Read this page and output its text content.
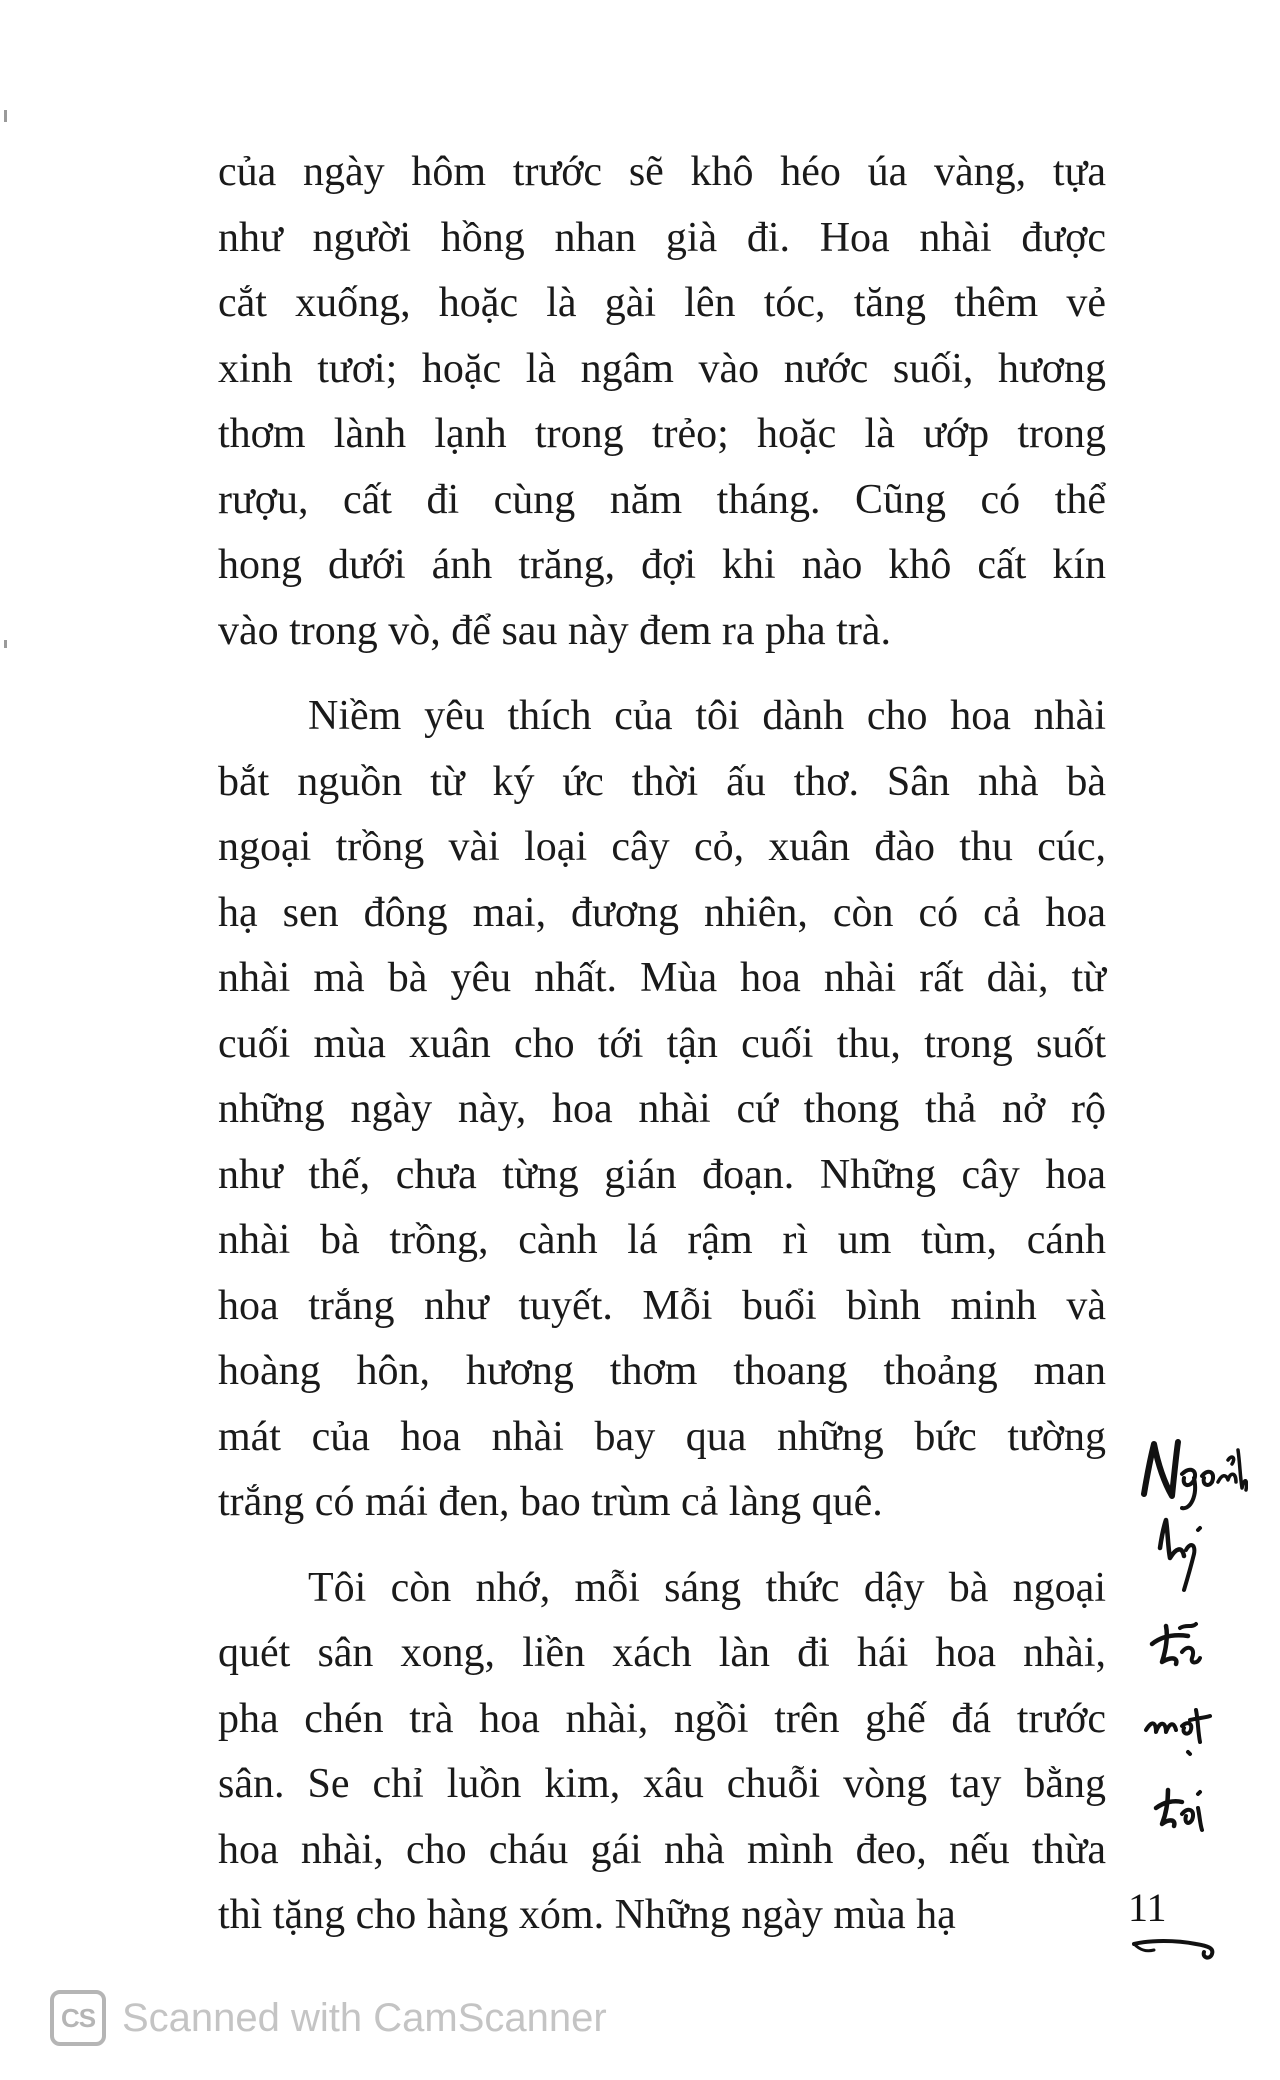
của ngày hôm trước sẽ khô héo úa vàng, tựa

như người hồng nhan già đi. Hoa nhài được

cắt xuống, hoặc là gài lên tóc, tăng thêm vẻ

xinh tươi; hoặc là ngâm vào nước suối, hương

thơm lành lạnh trong trẻo; hoặc là ướp trong

rượu, cất đi cùng năm tháng. Cũng có thể

hong dưới ánh trăng, đợi khi nào khô cất kín

vào trong vò, để sau này đem ra pha trà.

Niềm yêu thích của tôi dành cho hoa nhài

bắt nguồn từ ký ức thời ấu thơ. Sân nhà bà

ngoại trồng vài loại cây cỏ, xuân đào thu cúc,

hạ sen đông mai, đương nhiên, còn có cả hoa

nhài mà bà yêu nhất. Mùa hoa nhài rất dài, từ

cuối mùa xuân cho tới tận cuối thu, trong suốt

những ngày này, hoa nhài cứ thong thả nở rộ

như thế, chưa từng gián đoạn. Những cây hoa

nhài bà trồng, cành lá rậm rì um tùm, cánh

hoa trắng như tuyết. Mỗi buổi bình minh và

hoàng hôn, hương thơm thoang thoảng man

mát của hoa nhài bay qua những bức tường

trắng có mái đen, bao trùm cả làng quê.

Tôi còn nhớ, mỗi sáng thức dậy bà ngoại

quét sân xong, liền xách làn đi hái hoa nhài,

pha chén trà hoa nhài, ngồi trên ghế đá trước

sân. Se chỉ luồn kim, xâu chuỗi vòng tay bằng

hoa nhài, cho cháu gái nhà mình đeo, nếu thừa

thì tặng cho hàng xóm. Những ngày mùa hạ	11
CS Scanned with CamScanner
